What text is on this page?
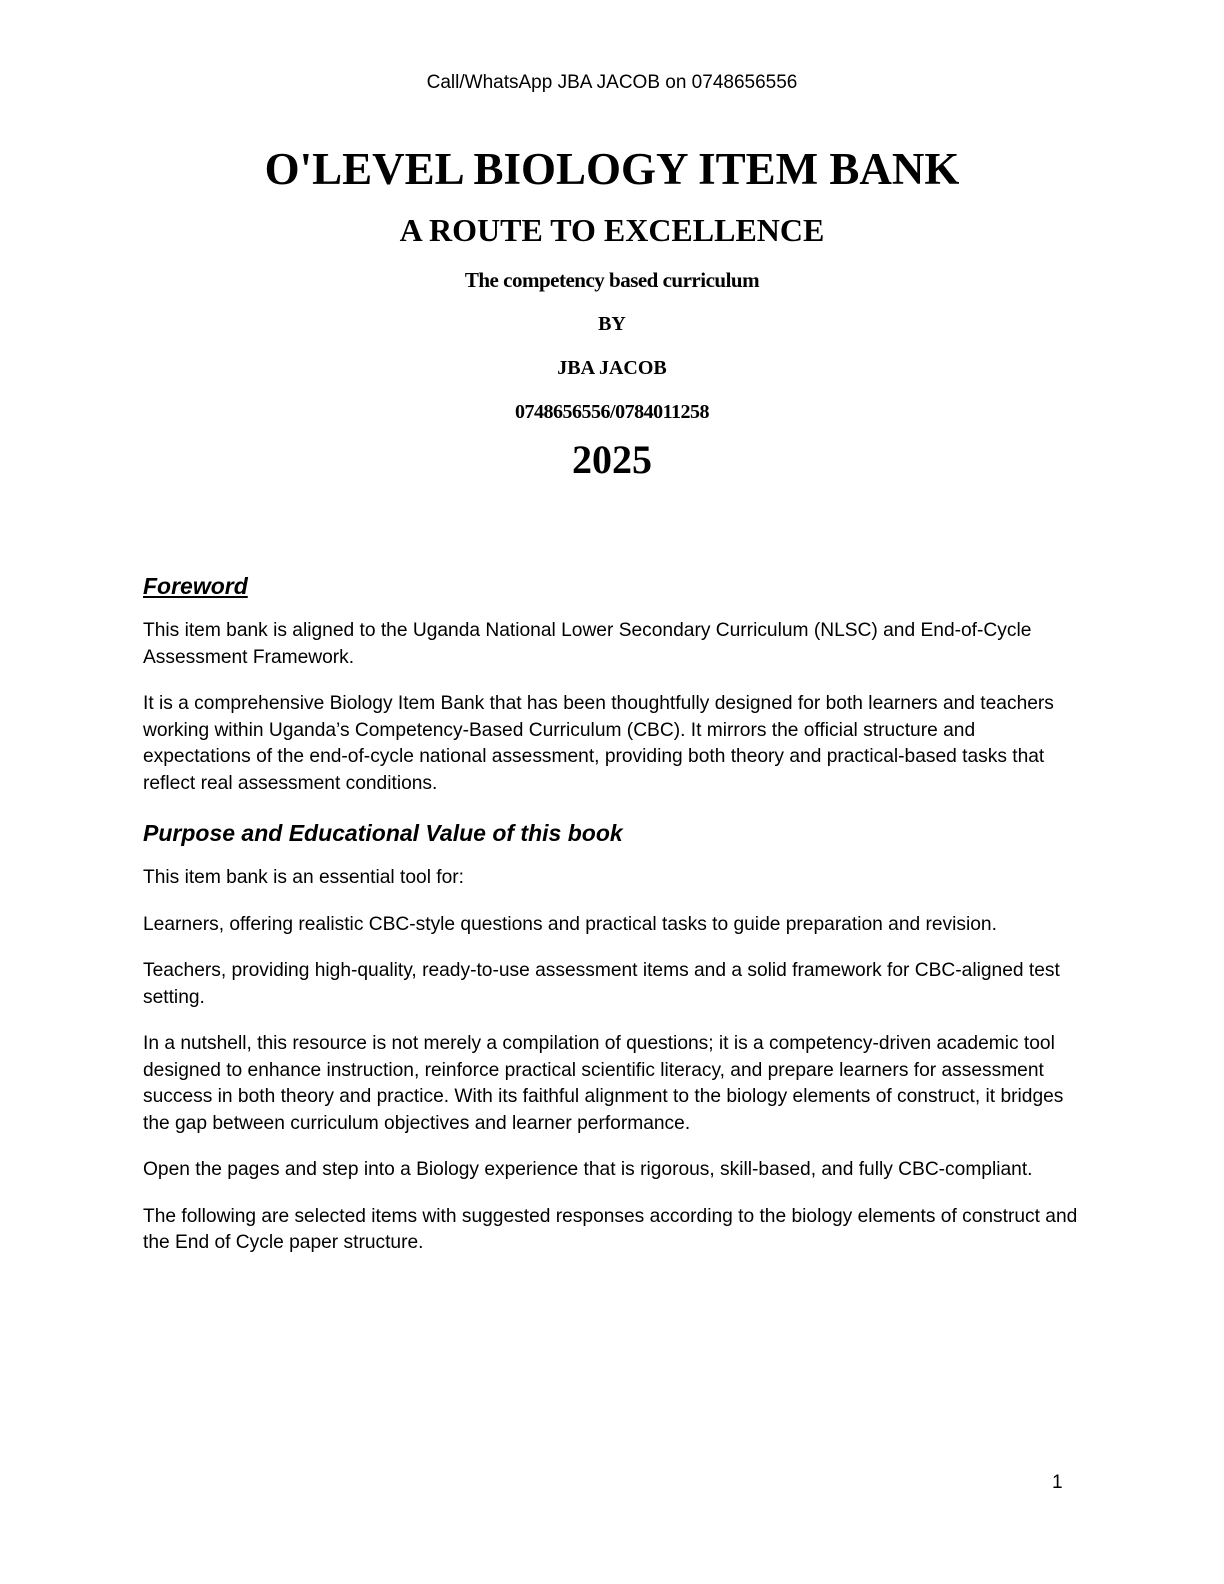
Call/WhatsApp JBA JACOB on 0748656556
O'LEVEL BIOLOGY ITEM BANK
A ROUTE TO EXCELLENCE
The competency based curriculum
BY
JBA JACOB
0748656556/0784011258
2025
Foreword

This item bank is aligned to the Uganda National Lower Secondary Curriculum (NLSC) and End-of-Cycle Assessment Framework.

It is a comprehensive Biology Item Bank that has been thoughtfully designed for both learners and teachers working within Uganda’s Competency-Based Curriculum (CBC). It mirrors the official structure and expectations of the end-of-cycle national assessment, providing both theory and practical-based tasks that reflect real assessment conditions.

Purpose and Educational Value of this book

This item bank is an essential tool for:

Learners, offering realistic CBC-style questions and practical tasks to guide preparation and revision.

Teachers, providing high-quality, ready-to-use assessment items and a solid framework for CBC-aligned test setting.

In a nutshell, this resource is not merely a compilation of questions; it is a competency-driven academic tool designed to enhance instruction, reinforce practical scientific literacy, and prepare learners for assessment success in both theory and practice. With its faithful alignment to the biology elements of construct, it bridges the gap between curriculum objectives and learner performance.

Open the pages and step into a Biology experience that is rigorous, skill-based, and fully CBC-compliant.

The following are selected items with suggested responses according to the biology elements of construct and the End of Cycle paper structure.

1
